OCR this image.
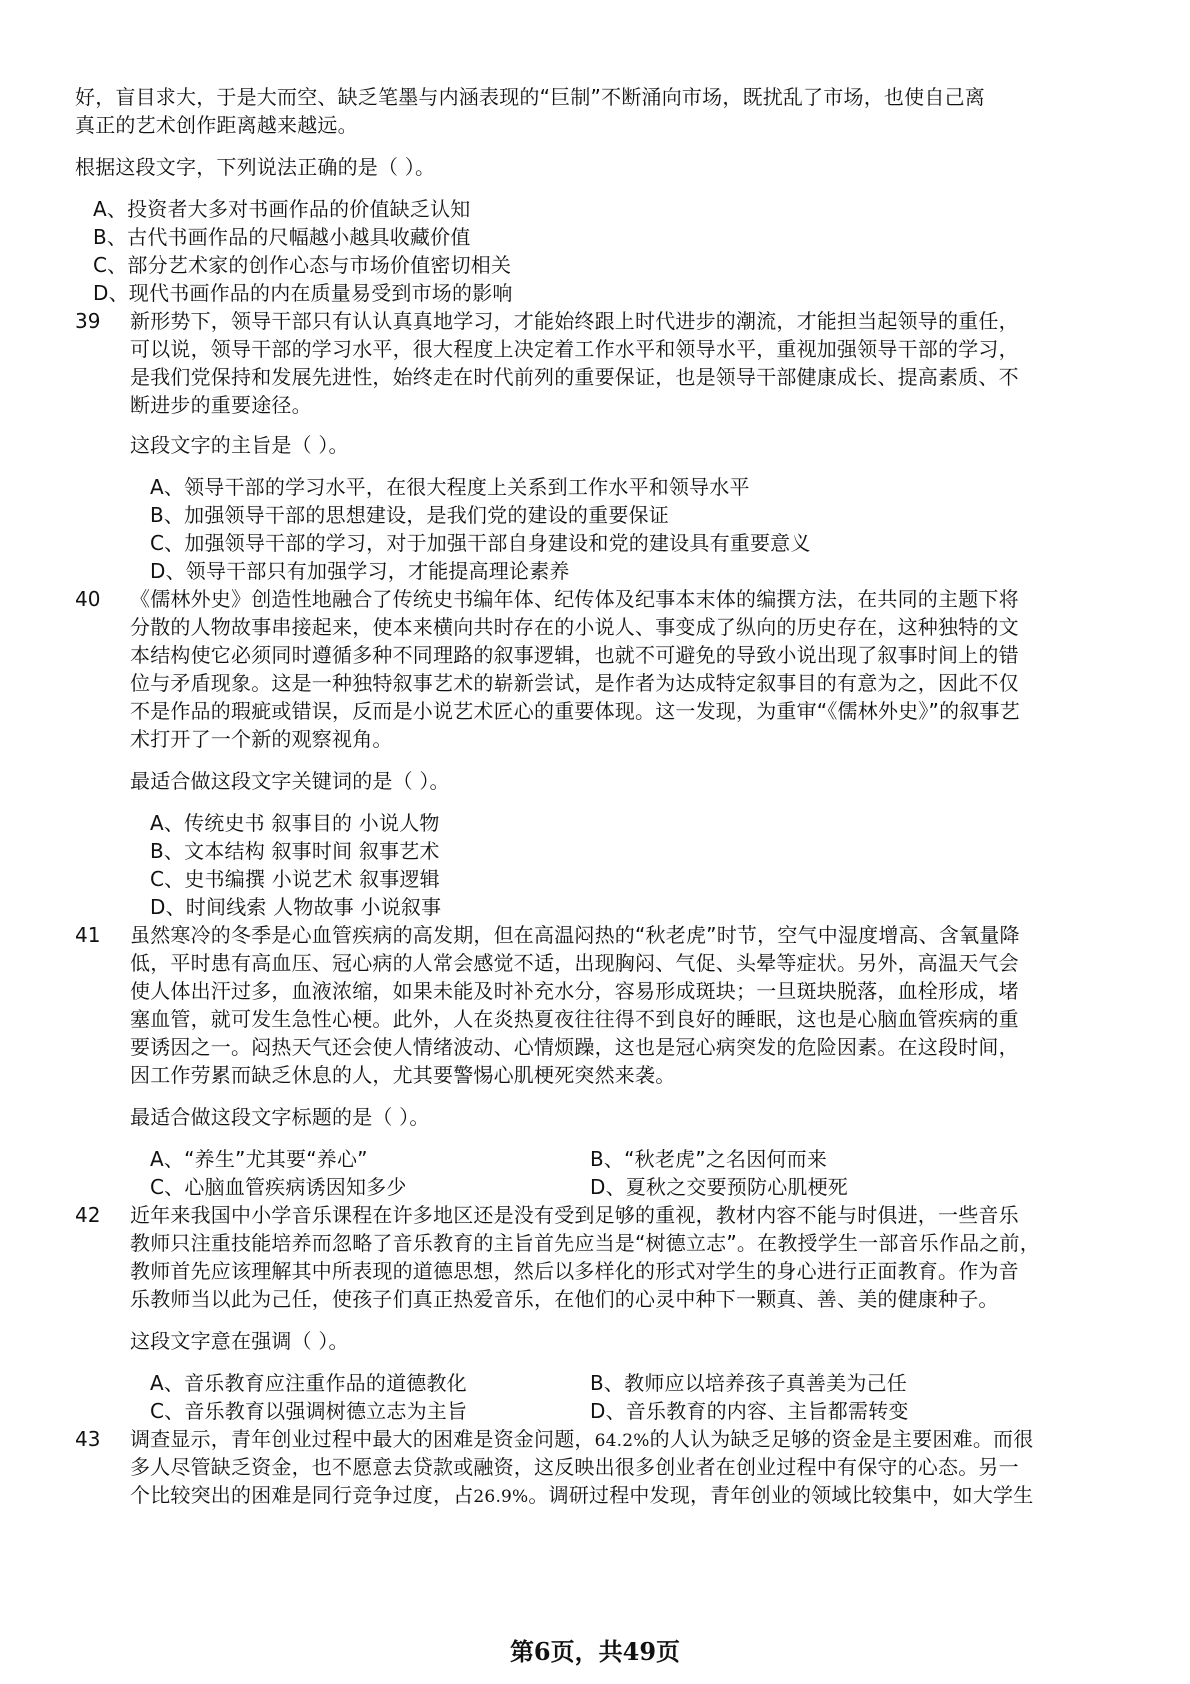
好，盲目求大，于是大而空、缺乏笔墨与内涵表现的“巨制”不断涌向市场，既扰乱了市场，也使自己离
真正的艺术创作距离越来越远。
根据这段文字，下列说法正确的是（ ）。
A、投资者大多对书画作品的价值缺乏认知
B、古代书画作品的尺幅越小越具收藏价值
C、部分艺术家的创作心态与市场价值密切相关
D、现代书画作品的内在质量易受到市场的影响
39 新形势下，领导干部只有认认真真地学习，才能始终跟上时代进步的潮流，才能担当起领导的重任，
可以说，领导干部的学习水平，很大程度上决定着工作水平和领导水平，重视加强领导干部的学习，
是我们党保持和发展先进性，始终走在时代前列的重要保证，也是领导干部健康成长、提高素质、不
断进步的重要途径。
这段文字的主旨是（ ）。
A、领导干部的学习水平，在很大程度上关系到工作水平和领导水平
B、加强领导干部的思想建设，是我们党的建设的重要保证
C、加强领导干部的学习，对于加强干部自身建设和党的建设具有重要意义
D、领导干部只有加强学习，才能提高理论素养
40 《儒林外史》创造性地融合了传统史书编年体、纪传体及纪事本末体的编撰方法，在共同的主题下将
分散的人物故事串接起来，使本来横向共时存在的小说人、事变成了纵向的历史存在，这种独特的文
本结构使它必须同时遵循多种不同理路的叙事逻辑，也就不可避免的导致小说出现了叙事时间上的错
位与矛盾现象。这是一种独特叙事艺术的崭新尝试，是作者为达成特定叙事目的有意为之，因此不仅
不是作品的瑕疵或错误，反而是小说艺术匠心的重要体现。这一发现，为重审“《儒林外史》”的叙事艺
术打开了一个新的观察视角。
最适合做这段文字关键词的是（ ）。
A、传统史书 叙事目的 小说人物
B、文本结构 叙事时间 叙事艺术
C、史书编撰 小说艺术 叙事逻辑
D、时间线索 人物故事 小说叙事
41 虽然寒冷的冬季是心血管疾病的高发期，但在高温闷热的“秋老虎”时节，空气中湿度增高、含氧量降
低，平时患有高血压、冠心病的人常会感觉不适，出现胸闷、气促、头晕等症状。另外，高温天气会
使人体出汗过多，血液浓缩，如果未能及时补充水分，容易形成斑块；一旦斑块脱落，血栓形成，堵
塞血管，就可发生急性心梗。此外，人在炎热夏夜往往得不到良好的睡眠，这也是心脑血管疾病的重
要诱因之一。闷热天气还会使人情绪波动、心情烦躁，这也是冠心病突发的危险因素。在这段时间，
因工作劳累而缺乏休息的人，尤其要警惕心肌梗死突然来袭。
最适合做这段文字标题的是（ ）。
A、“养生”尤其要“养心”	B、“秋老虎”之名因何而来
C、心脑血管疾病诱因知多少	D、夏秋之交要预防心肌梗死
42 近年来我国中小学音乐课程在许多地区还是没有受到足够的重视，教材内容不能与时俱进，一些音乐
教师只注重技能培养而忽略了音乐教育的主旨首先应当是“树德立志”。在教授学生一部音乐作品之前，
教师首先应该理解其中所表现的道德思想，然后以多样化的形式对学生的身心进行正面教育。作为音
乐教师当以此为己任，使孩子们真正热爱音乐，在他们的心灵中种下一颗真、善、美的健康种子。
这段文字意在强调（ ）。
A、音乐教育应注重作品的道德教化	B、教师应以培养孩子真善美为己任
C、音乐教育以强调树德立志为主旨	D、音乐教育的内容、主旨都需转变
43 调查显示，青年创业过程中最大的困难是资金问题，64.2%的人认为缺乏足够的资金是主要困难。而很
多人尽管缺乏资金，也不愿意去贷款或融资，这反映出很多创业者在创业过程中有保守的心态。另一
个比较突出的困难是同行竞争过度，占26.9%。调研过程中发现，青年创业的领域比较集中，如大学生
第6页，共49页
